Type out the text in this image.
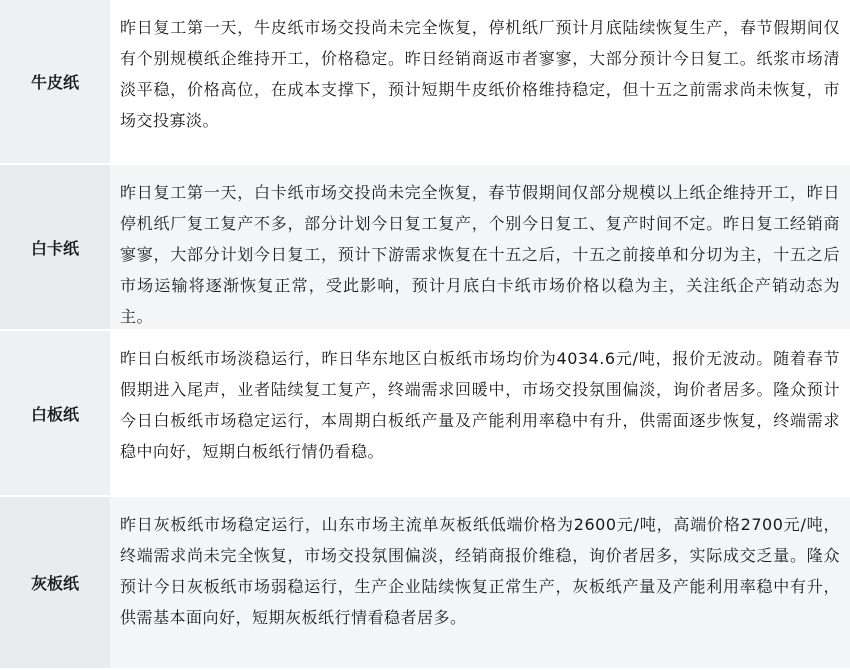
牛皮纸
昨日复工第一天，牛皮纸市场交投尚未完全恢复，停机纸厂预计月底陆续恢复生产，春节假期间仅有个别规模纸企维持开工，价格稳定。昨日经销商返市者寥寥，大部分预计今日复工。纸浆市场清淡平稳，价格高位，在成本支撑下，预计短期牛皮纸价格维持稳定，但十五之前需求尚未恢复，市场交投寡淡。
白卡纸
昨日复工第一天，白卡纸市场交投尚未完全恢复，春节假期间仅部分规模以上纸企维持开工，昨日停机纸厂复工复产不多，部分计划今日复工复产，个别今日复工、复产时间不定。昨日复工经销商寥寥，大部分计划今日复工，预计下游需求恢复在十五之后，十五之前接单和分切为主，十五之后市场运输将逐渐恢复正常，受此影响，预计月底白卡纸市场价格以稳为主，关注纸企产销动态为主。
白板纸
昨日白板纸市场淡稳运行，昨日华东地区白板纸市场均价为4034.6元/吨，报价无波动。随着春节假期进入尾声，业者陆续复工复产，终端需求回暖中，市场交投氛围偏淡，询价者居多。隆众预计今日白板纸市场稳定运行，本周期白板纸产量及产能利用率稳中有升，供需面逐步恢复，终端需求稳中向好，短期白板纸行情仍看稳。
灰板纸
昨日灰板纸市场稳定运行，山东市场主流单灰板纸低端价格为2600元/吨，高端价格2700元/吨，终端需求尚未完全恢复，市场交投氛围偏淡，经销商报价维稳，询价者居多，实际成交乏量。隆众预计今日灰板纸市场弱稳运行，生产企业陆续恢复正常生产，灰板纸产量及产能利用率稳中有升，供需基本面向好，短期灰板纸行情看稳者居多。
